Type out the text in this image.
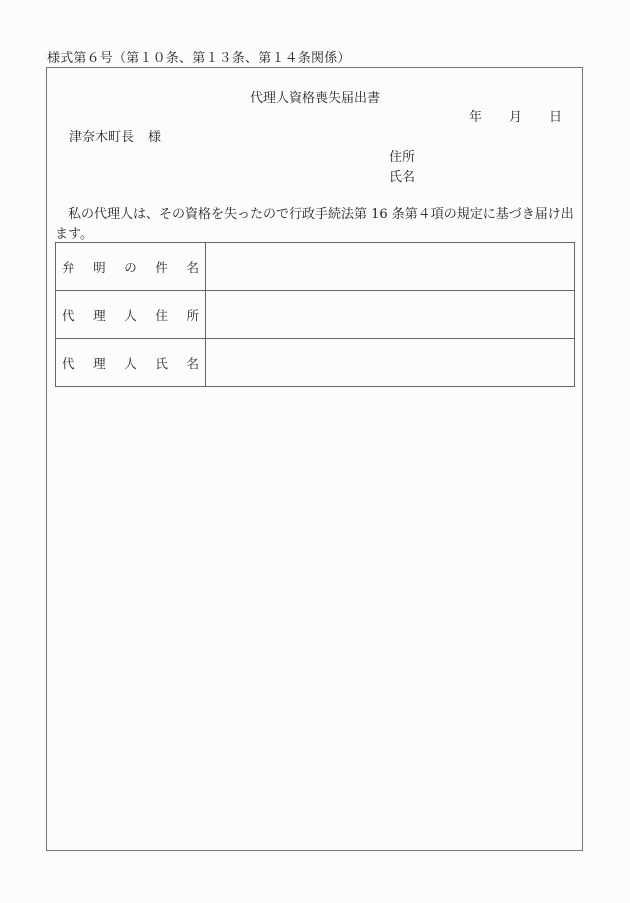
様式第６号（第１０条、第１３条、第１４条関係）
代理人資格喪失届出書
年 月 日
津奈木町長 様
住所
氏名
私の代理人は、その資格を失ったので行政手続法第 16 条第４項の規定に基づき届け出ます。
弁 明 の 件 名	

代 理 人 住 所	

代 理 人 氏 名	
